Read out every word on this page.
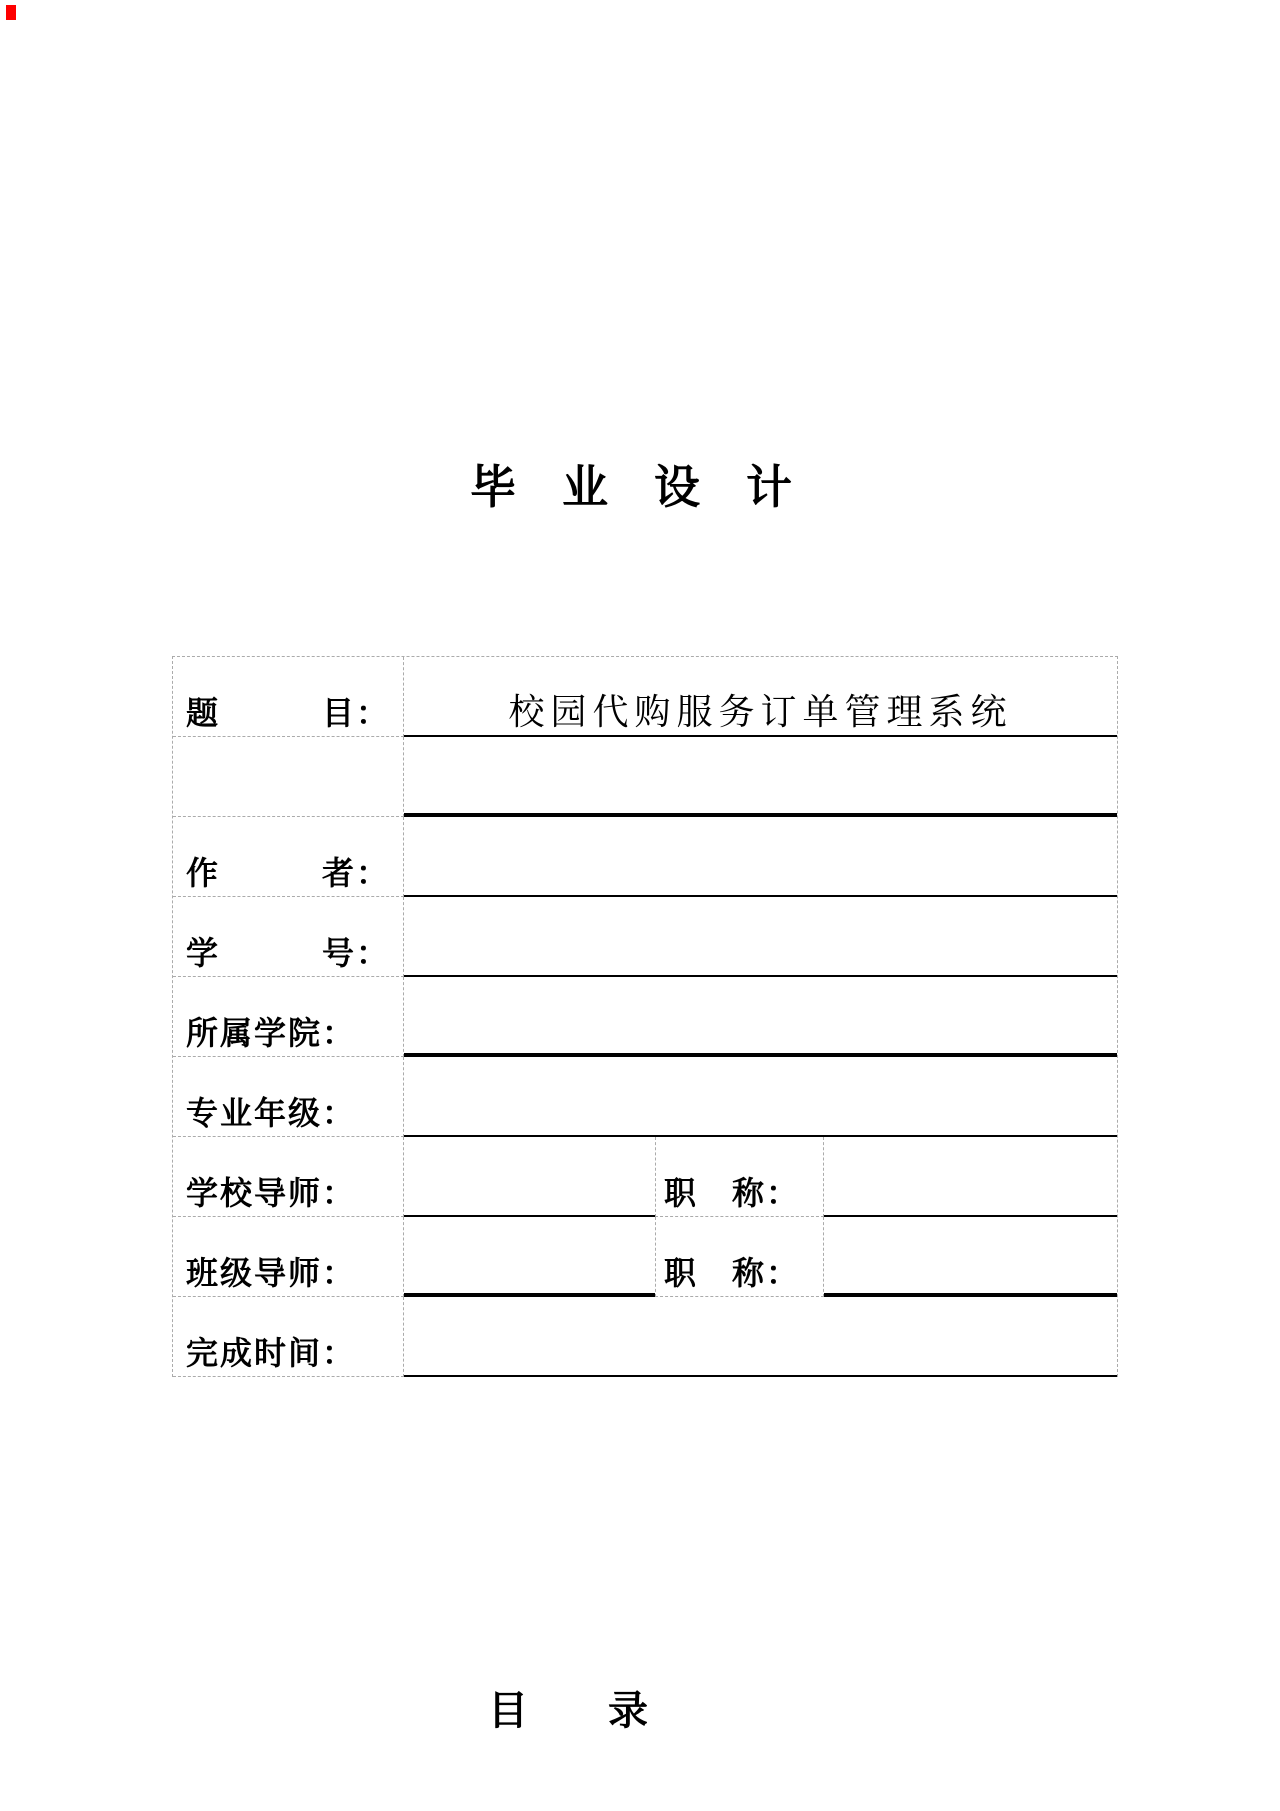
毕　业　设　计
题　　　目：	校园代购服务订单管理系统
作　　　者：
学　　　号：
所属学院：
专业年级：
学校导师：	职　称：
班级导师：	职　称：
完成时间：
目　录
